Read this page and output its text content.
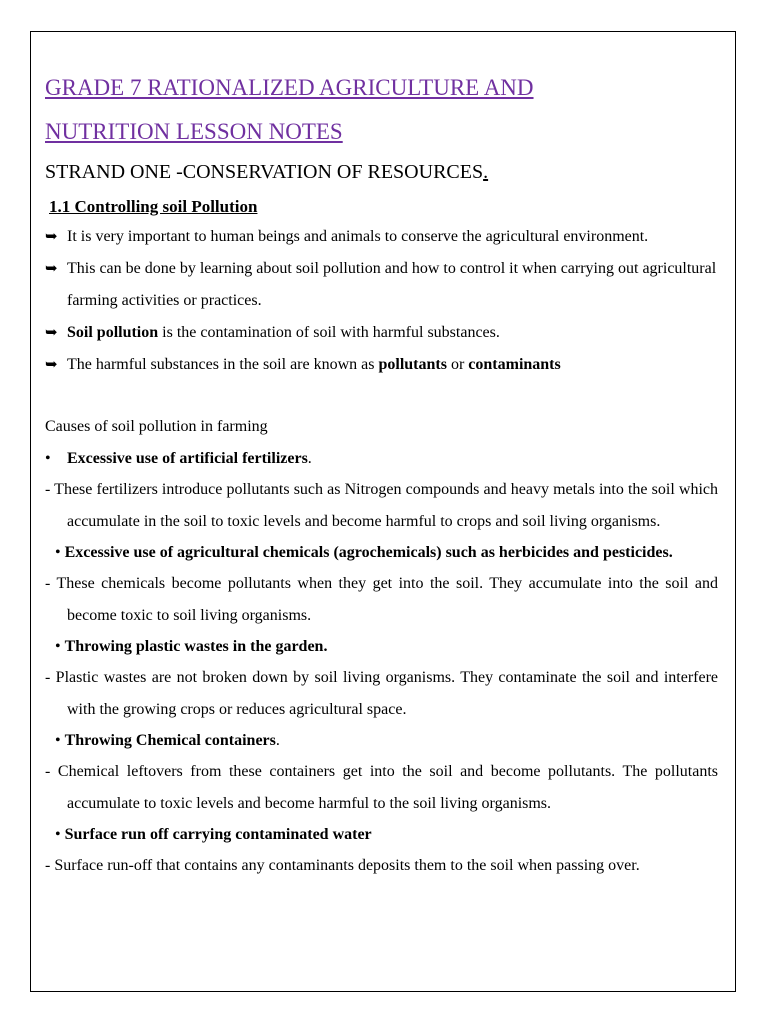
GRADE 7 RATIONALIZED AGRICULTURE AND
NUTRITION LESSON NOTES
STRAND ONE -CONSERVATION OF RESOURCES.
1.1 Controlling soil Pollution
➥ It is very important to human beings and animals to conserve the agricultural environment.
➥ This can be done by learning about soil pollution and how to control it when carrying out agricultural farming activities or practices.
➥ Soil pollution is the contamination of soil with harmful substances.
➥ The harmful substances in the soil are known as pollutants or contaminants

Causes of soil pollution in farming

• Excessive use of artificial fertilizers.

- These fertilizers introduce pollutants such as Nitrogen compounds and heavy metals into the soil which accumulate in the soil to toxic levels and become harmful to crops and soil living organisms.

• Excessive use of agricultural chemicals (agrochemicals) such as herbicides and pesticides.

- These chemicals become pollutants when they get into the soil. They accumulate into the soil and become toxic to soil living organisms.

• Throwing plastic wastes in the garden.

- Plastic wastes are not broken down by soil living organisms. They contaminate the soil and interfere with the growing crops or reduces agricultural space.

• Throwing Chemical containers.

- Chemical leftovers from these containers get into the soil and become pollutants. The pollutants accumulate to toxic levels and become harmful to the soil living organisms.

• Surface run off carrying contaminated water

- Surface run-off that contains any contaminants deposits them to the soil when passing over.
